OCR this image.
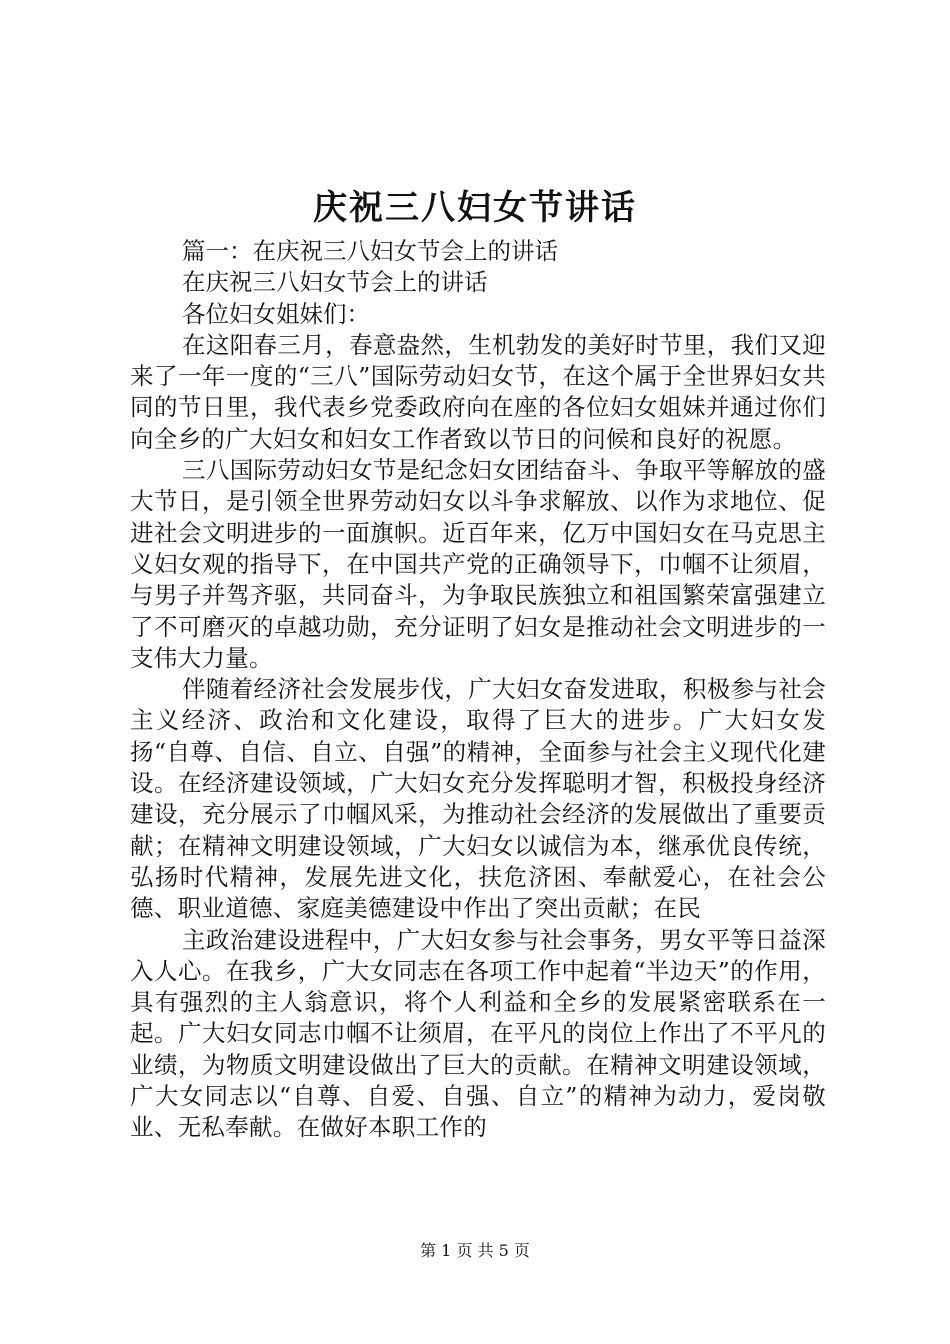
庆祝三八妇女节讲话
篇一：在庆祝三八妇女节会上的讲话
在庆祝三八妇女节会上的讲话
各位妇女姐妹们：

在这阳春三月，春意盎然，生机勃发的美好时节里，我们又迎来了一年一度的“三八”国际劳动妇女节，在这个属于全世界妇女共同的节日里，我代表乡党委政府向在座的各位妇女姐妹并通过你们向全乡的广大妇女和妇女工作者致以节日的问候和良好的祝愿。

三八国际劳动妇女节是纪念妇女团结奋斗、争取平等解放的盛大节日，是引领全世界劳动妇女以斗争求解放、以作为求地位、促进社会文明进步的一面旗帜。近百年来，亿万中国妇女在马克思主义妇女观的指导下，在中国共产党的正确领导下，巾帼不让须眉，与男子并驾齐驱，共同奋斗，为争取民族独立和祖国繁荣富强建立了不可磨灭的卓越功勋，充分证明了妇女是推动社会文明进步的一支伟大力量。

伴随着经济社会发展步伐，广大妇女奋发进取，积极参与社会主义经济、政治和文化建设，取得了巨大的进步。广大妇女发扬“自尊、自信、自立、自强”的精神，全面参与社会主义现代化建设。在经济建设领域，广大妇女充分发挥聪明才智，积极投身经济建设，充分展示了巾帼风采，为推动社会经济的发展做出了重要贡献；在精神文明建设领域，广大妇女以诚信为本，继承优良传统，弘扬时代精神，发展先进文化，扶危济困、奉献爱心，在社会公德、职业道德、家庭美德建设中作出了突出贡献；在民

主政治建设进程中，广大妇女参与社会事务，男女平等日益深入人心。在我乡，广大女同志在各项工作中起着“半边天”的作用，具有强烈的主人翁意识，将个人利益和全乡的发展紧密联系在一起。广大妇女同志巾帼不让须眉，在平凡的岗位上作出了不平凡的业绩，为物质文明建设做出了巨大的贡献。在精神文明建设领域，广大女同志以“自尊、自爱、自强、自立”的精神为动力，爱岗敬业、无私奉献。在做好本职工作的

第 1 页 共 5 页
